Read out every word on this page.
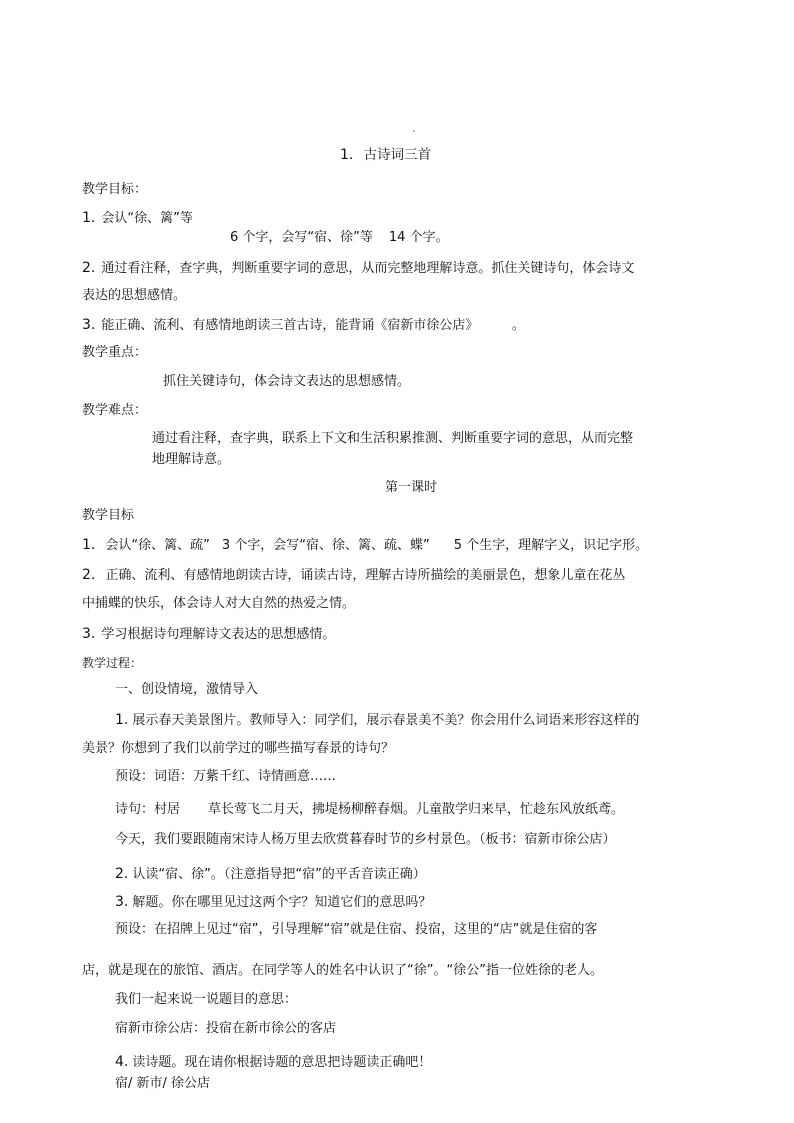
1. 古诗词三首
教学目标：
1. 会认“徐、篱”等
6 个字，会写“宿、徐”等 14 个字。
2. 通过看注释，查字典，判断重要字词的意思，从而完整地理解诗意。抓住关键诗句，体会诗文
表达的思想感情。
3. 能正确、流利、有感情地朗读三首古诗，能背诵《宿新市徐公店》	。
教学重点：
抓住关键诗句，体会诗文表达的思想感情。
教学难点：
通过看注释，查字典，联系上下文和生活积累推测、判断重要字词的意思，从而完整
地理解诗意。
第一课时
教学目标
1. 会认“徐、篱、疏” 3 个字，会写“宿、徐、篱、疏、蝶” 5 个生字，理解字义，识记字形。
2. 正确、流利、有感情地朗读古诗，诵读古诗，理解古诗所描绘的美丽景色，想象儿童在花丛
中捕蝶的快乐，体会诗人对大自然的热爱之情。
3. 学习根据诗句理解诗文表达的思想感情。
教学过程：
一、创设情境，激情导入
1. 展示春天美景图片。教师导入：同学们，展示春景美不美？你会用什么词语来形容这样的
美景？你想到了我们以前学过的哪些描写春景的诗句？
预设：词语：万紫千红、诗情画意……
诗句：村居 草长莺飞二月天，拂堤杨柳醉春烟。儿童散学归来早，忙趁东风放纸鸢。
今天，我们要跟随南宋诗人杨万里去欣赏暮春时节的乡村景色。（板书：宿新市徐公店）
2. 认读“宿、徐”。（注意指导把“宿”的平舌音读正确）
3. 解题。你在哪里见过这两个字？知道它们的意思吗？
预设：在招牌上见过“宿”，引导理解“宿”就是住宿、投宿，这里的“店”就是住宿的客
店，就是现在的旅馆、酒店。在同学等人的姓名中认识了“徐”。“徐公”指一位姓徐的老人。
我们一起来说一说题目的意思：
宿新市徐公店：投宿在新市徐公的客店
4. 读诗题。现在请你根据诗题的意思把诗题读正确吧！
宿/ 新市/ 徐公店
